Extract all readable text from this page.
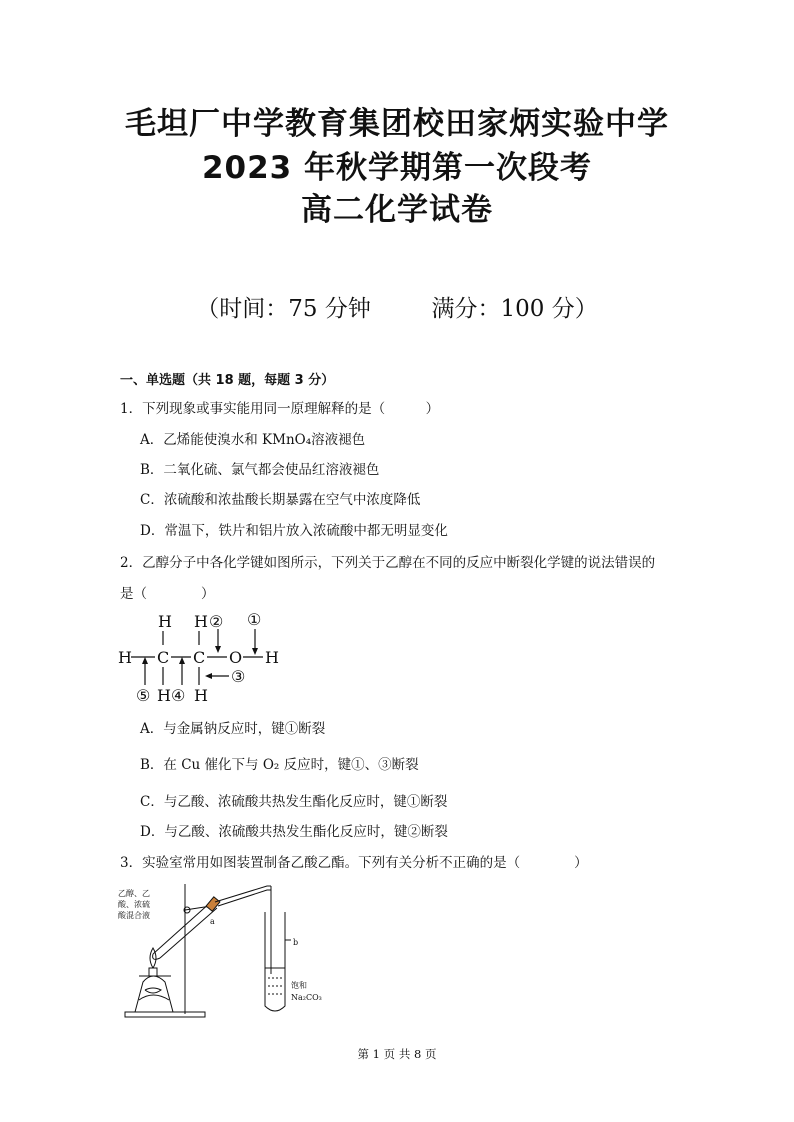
毛坦厂中学教育集团校田家炳实验中学
2023 年秋学期第一次段考
高二化学试卷
（时间：75 分钟	满分：100 分）
一、单选题（共 18 题，每题 3 分）
1．下列现象或事实能用同一原理解释的是（　　　）
A．乙烯能使溴水和 KMnO₄溶液褪色
B．二氧化硫、氯气都会使品红溶液褪色
C．浓硫酸和浓盐酸长期暴露在空气中浓度降低
D．常温下，铁片和铝片放入浓硫酸中都无明显变化
2．乙醇分子中各化学键如图所示，下列关于乙醇在不同的反应中断裂化学键的说法错误的
是（　　　　）
H H ② ①
H C C O H
③
⑤ H ④ H
A．与金属钠反应时，键①断裂
B．在 Cu 催化下与 O₂ 反应时，键①、③断裂
C．与乙酸、浓硫酸共热发生酯化反应时，键①断裂
D．与乙酸、浓硫酸共热发生酯化反应时，键②断裂
3．实验室常用如图装置制备乙酸乙酯。下列有关分析不正确的是（　　　　）
乙醇、乙
酸、浓硫
酸混合液
a
b
饱和
Na₂CO₃
第 1 页 共 8 页
